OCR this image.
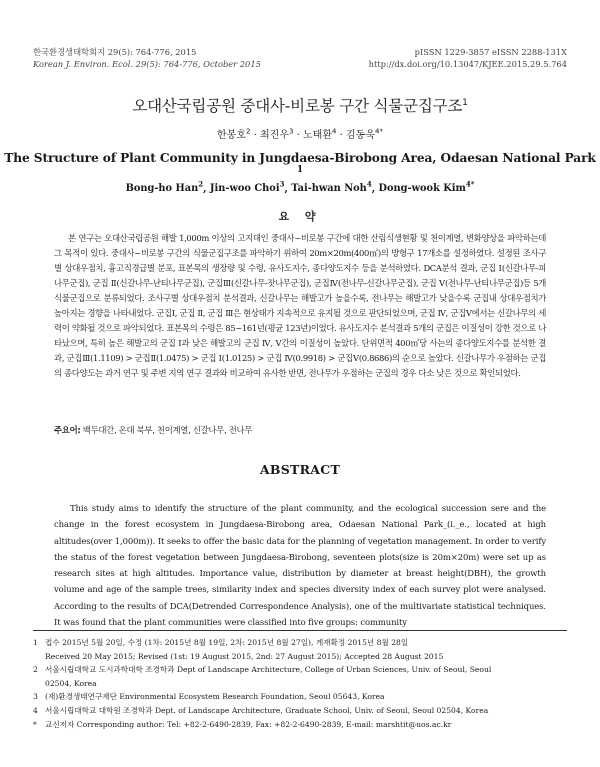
한국환경생태학회지 29(5): 764-776, 2015
Korean J. Environ. Ecol. 29(5): 764-776, October 2015
pISSN 1229-3857 eISSN 2288-131X
http://dx.doi.org/10.13047/KJEE.2015.29.5.764
오대산국립공원 중대사-비로봉 구간 식물군집구조$^1$
한봉호$^2$ · 최진우$^3$ · 노태환$^4$ · 김동욱$^{4*}$
The Structure of Plant Community in Jungdaesa-Birobong Area, Odaesan National Park $^1$
Bong-ho Han$^2$, Jin-woo Choi$^3$, Tai-hwan Noh$^4$, Dong-wook Kim$^{4*}$
요 약

본 연구는 오대산국립공원 해발 1,000m 이상의 고지대인 중대사~비로봉 구간에 대한 산림식생현황 및 천이계열, 변화양상을 파악하는데 그 목적이 있다. 중대사~비로봉 구간의 식물군집구조를 파악하기 위하여 20m×20m(400㎡)의 방형구 17개소를 설정하였다. 설정된 조사구별 상대우점치, 흉고직경급별 분포, 표본목의 생장량 및 수령, 유사도지수, 종다양도지수 등을 분석하였다. DCA분석 결과, 군집 Ⅰ(신갈나무-피나무군집), 군집 Ⅱ(신갈나무-난티나무군집), 군집Ⅲ(신갈나무-잣나무군집), 군집Ⅳ(전나무-신갈나무군집), 군집 Ⅴ(전나무-난티나무군집)등 5개 식물군집으로 분류되었다. 조사구별 상대우점치 분석결과, 신갈나무는 해발고가 높을수록, 전나무는 해발고가 낮을수록 군집내 상대우점치가 높아지는 경향을 나타내었다. 군집Ⅰ, 군집 Ⅱ, 군집 Ⅲ은 현상태가 지속적으로 유지될 것으로 판단되었으며, 군집 Ⅳ, 군집Ⅴ에서는 신갈나무의 세력이 약화될 것으로 파악되었다. 표본목의 수령은 85~161년(평균 123년)이었다. 유사도지수 분석결과 5개의 군집은 이질성이 강한 것으로 나타났으며, 특히 높은 해발고의 군집 Ⅰ과 낮은 해발고의 군집 Ⅳ, Ⅴ간의 이질성이 높았다. 단위면적 400㎡당 사는의 종다양도지수를 분석한 결과, 군집Ⅲ(1.1109) > 군집Ⅱ(1.0475) > 군집 Ⅰ(1.0125) > 군집 Ⅳ(0.9918) > 군집Ⅴ(0.8686)의 순으로 높았다. 신갈나무가 우점하는 군집의 종다양도는 과거 연구 및 주변 지역 연구 결과와 비교하여 유사한 반면, 전나무가 우점하는 군집의 경우 다소 낮은 것으로 확인되었다.

주요어: 백두대간, 온대 북부, 천이계열, 신갈나무, 전나무
ABSTRACT

This study aims to identify the structure of the plant community, and the ecological succession sere and the change in the forest ecosystem in Jungdaesa-Birobong area, Odaesan National Park_(i._e., located at high altitudes(over 1,000m)). It seeks to offer the basic data for the planning of vegetation management. In order to verify the status of the forest vegetation between Jungdaesa-Birobong, seventeen plots(size is 20m×20m) were set up as research sites at high altitudes. Importance value, distribution by diameter at breast height(DBH), the growth volume and age of the sample trees, similarity index and species diversity index of each survey plot were analysed. According to the results of DCA(Detrended Correspondence Analysis), one of the multivariate statistical techniques. It was found that the plant communities were classified into five groups: community

1 접수 2015년 5월 20일, 수정 (1차: 2015년 8월 19일, 2차: 2015년 8월 27일), 게재확정 2015년 8월 28일
Received 20 May 2015; Revised (1st: 19 August 2015, 2nd: 27 August 2015); Accepted 28 August 2015
2 서울시립대학교 도시과학대학 조경학과 Dept of Landscape Architecture, College of Urban Sciences, Univ. of Seoul, Seoul
02504, Korea
3 (재)환경생태연구재단 Environmental Ecosystem Research Foundation, Seoul 05643, Korea
4 서울시립대학교 대학원 조경학과 Dept. of Landscape Architecture, Graduate School, Univ. of Seoul, Seoul 02504, Korea
*	교신저자 Corresponding author: Tel: +82-2-6490-2839, Fax: +82-2-6490-2839, E-mail: marshtit@uos.ac.kr
